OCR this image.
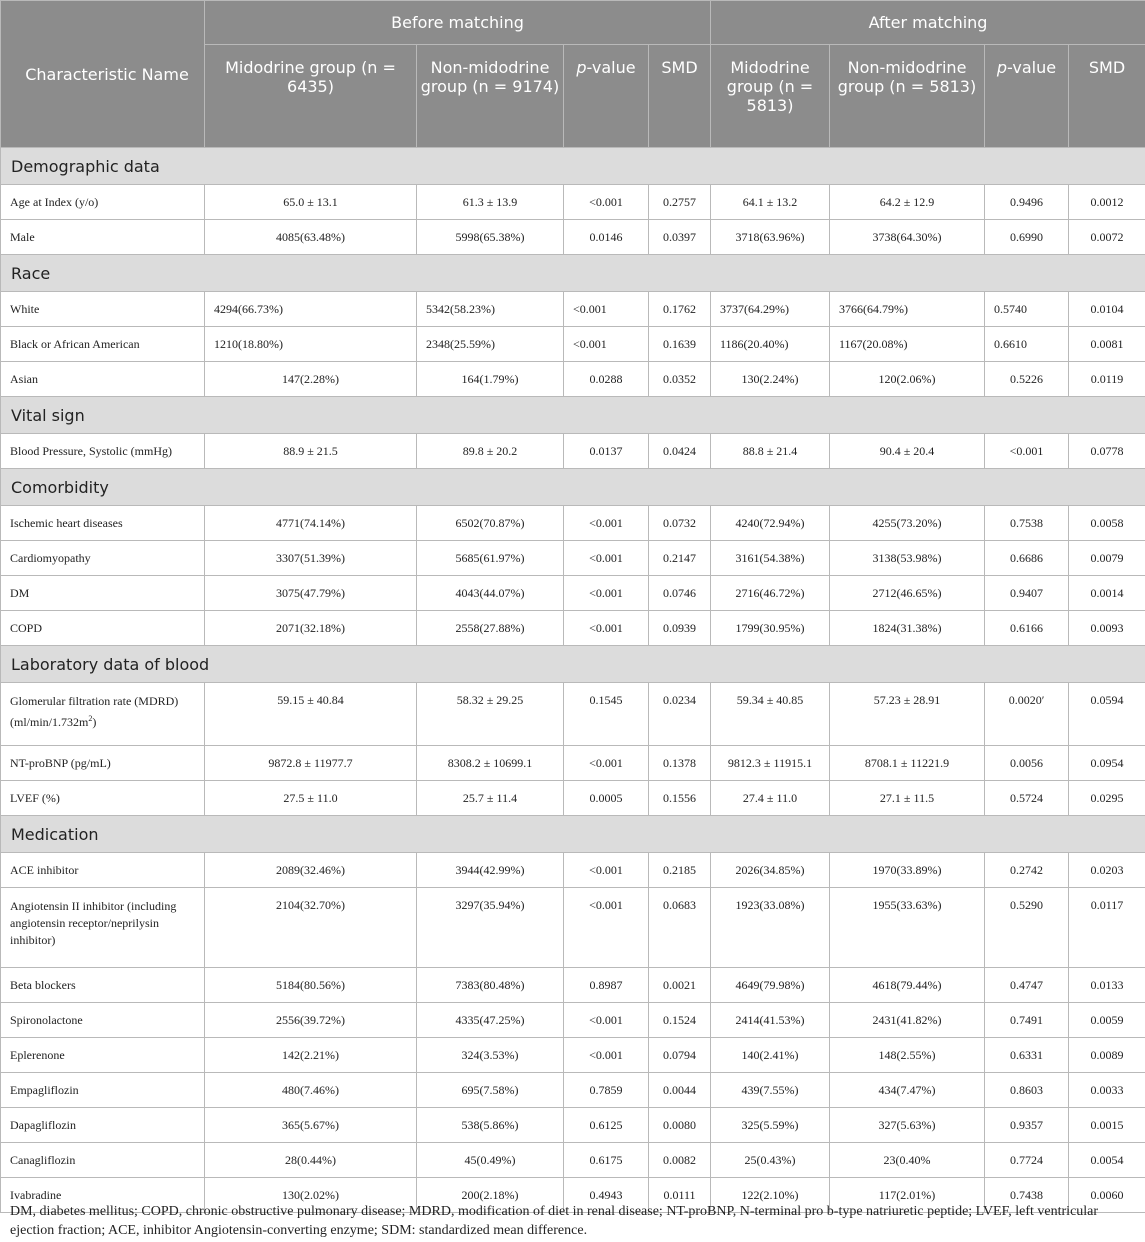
Characteristic Name	Before matching				After matching			
	Midodrine group (n = 6435)	Non-midodrine group (n = 9174)	p-value	SMD	Midodrine group (n = 5813)	Non-midodrine group (n = 5813)	p-value	SMD
Demographic data								
Age at Index (y/o)	65.0 ± 13.1	61.3 ± 13.9	<0.001	0.2757	64.1 ± 13.2	64.2 ± 12.9	0.9496	0.0012
Male	4085(63.48%)	5998(65.38%)	0.0146	0.0397	3718(63.96%)	3738(64.30%)	0.6990	0.0072
Race								
White	4294(66.73%)	5342(58.23%)	<0.001	0.1762	3737(64.29%)	3766(64.79%)	0.5740	0.0104
Black or African American	1210(18.80%)	2348(25.59%)	<0.001	0.1639	1186(20.40%)	1167(20.08%)	0.6610	0.0081
Asian	147(2.28%)	164(1.79%)	0.0288	0.0352	130(2.24%)	120(2.06%)	0.5226	0.0119
Vital sign								
Blood Pressure, Systolic (mmHg)	88.9 ± 21.5	89.8 ± 20.2	0.0137	0.0424	88.8 ± 21.4	90.4 ± 20.4	<0.001	0.0778
Comorbidity								
Ischemic heart diseases	4771(74.14%)	6502(70.87%)	<0.001	0.0732	4240(72.94%)	4255(73.20%)	0.7538	0.0058
Cardiomyopathy	3307(51.39%)	5685(61.97%)	<0.001	0.2147	3161(54.38%)	3138(53.98%)	0.6686	0.0079
DM	3075(47.79%)	4043(44.07%)	<0.001	0.0746	2716(46.72%)	2712(46.65%)	0.9407	0.0014
COPD	2071(32.18%)	2558(27.88%)	<0.001	0.0939	1799(30.95%)	1824(31.38%)	0.6166	0.0093
Laboratory data of blood								
Glomerular filtration rate (MDRD) $(ml/\min/1.732m^2)$	59.15 ± 40.84	58.32 ± 29.25	0.1545	0.0234	59.34 ± 40.85	57.23 ± 28.91	0.0020′	0.0594
NT-proBNP (pg/mL)	9872.8 ± 11977.7	8308.2 ± 10699.1	<0.001	0.1378	9812.3 ± 11915.1	8708.1 ± 11221.9	0.0056	0.0954
LVEF (%)	27.5 ± 11.0	25.7 ± 11.4	0.0005	0.1556	27.4 ± 11.0	27.1 ± 11.5	0.5724	0.0295
Medication								
ACE inhibitor	2089(32.46%)	3944(42.99%)	<0.001	0.2185	2026(34.85%)	1970(33.89%)	0.2742	0.0203
Angiotensin II inhibitor (including angiotensin receptor/neprilysin inhibitor)	2104(32.70%)	3297(35.94%)	<0.001	0.0683	1923(33.08%)	1955(33.63%)	0.5290	0.0117
Beta blockers	5184(80.56%)	7383(80.48%)	0.8987	0.0021	4649(79.98%)	4618(79.44%)	0.4747	0.0133
Spironolactone	2556(39.72%)	4335(47.25%)	<0.001	0.1524	2414(41.53%)	2431(41.82%)	0.7491	0.0059
Eplerenone	142(2.21%)	324(3.53%)	<0.001	0.0794	140(2.41%)	148(2.55%)	0.6331	0.0089
Empagliflozin	480(7.46%)	695(7.58%)	0.7859	0.0044	439(7.55%)	434(7.47%)	0.8603	0.0033
Dapagliflozin	365(5.67%)	538(5.86%)	0.6125	0.0080	325(5.59%)	327(5.63%)	0.9357	0.0015
Canagliflozin	28(0.44%)	45(0.49%)	0.6175	0.0082	25(0.43%)	23(0.40%	0.7724	0.0054
Ivabradine	130(2.02%)	200(2.18%)	0.4943	0.0111	122(2.10%)	117(2.01%)	0.7438	0.0060
DM, diabetes mellitus; COPD, chronic obstructive pulmonary disease; MDRD, modification of diet in renal disease; NT-proBNP, N-terminal pro b-type natriuretic peptide; LVEF, left ventricular ejection fraction; ACE, inhibitor Angiotensin-converting enzyme; SDM: standardized mean difference.
